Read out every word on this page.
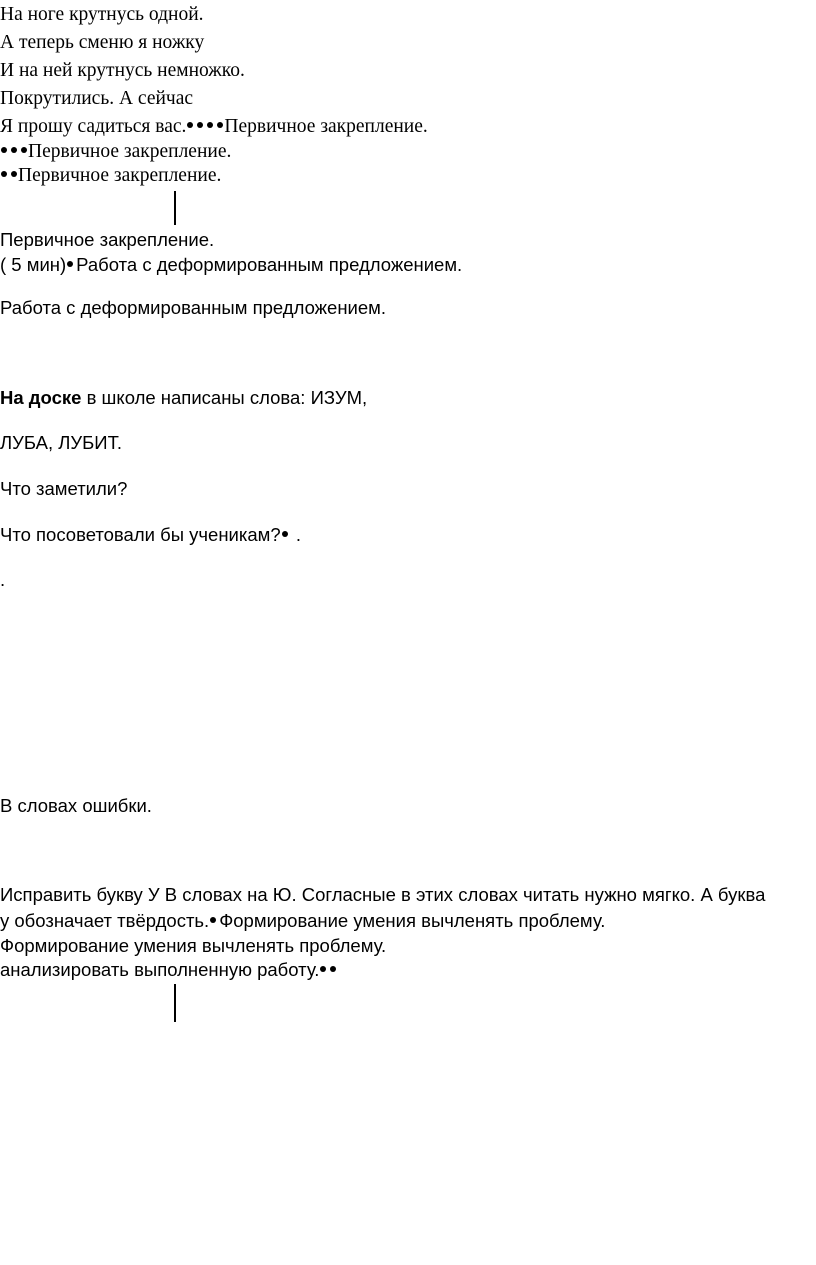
На ноге крутнусь одной.
А теперь сменю я ножку
И на ней крутнусь немножко.
Покрутились. А сейчас
Я прошу садиться вас. Первичное закрепление.
Первичное закрепление.
Первичное закрепление.
Первичное закрепление.
( 5 мин) Работа с деформированным предложением.
Работа с деформированным предложением.
На доске в школе написаны слова: ИЗУМ,
ЛУБА, ЛУБИТ.
Что заметили?
Что посоветовали бы ученикам? .
.
В словах ошибки.
Исправить букву У В словах на Ю. Согласные в этих словах читать нужно мягко. А буква
у обозначает твёрдость. Формирование умения вычленять проблему.
Формирование умения вычленять проблему.
анализировать выполненную работу.
